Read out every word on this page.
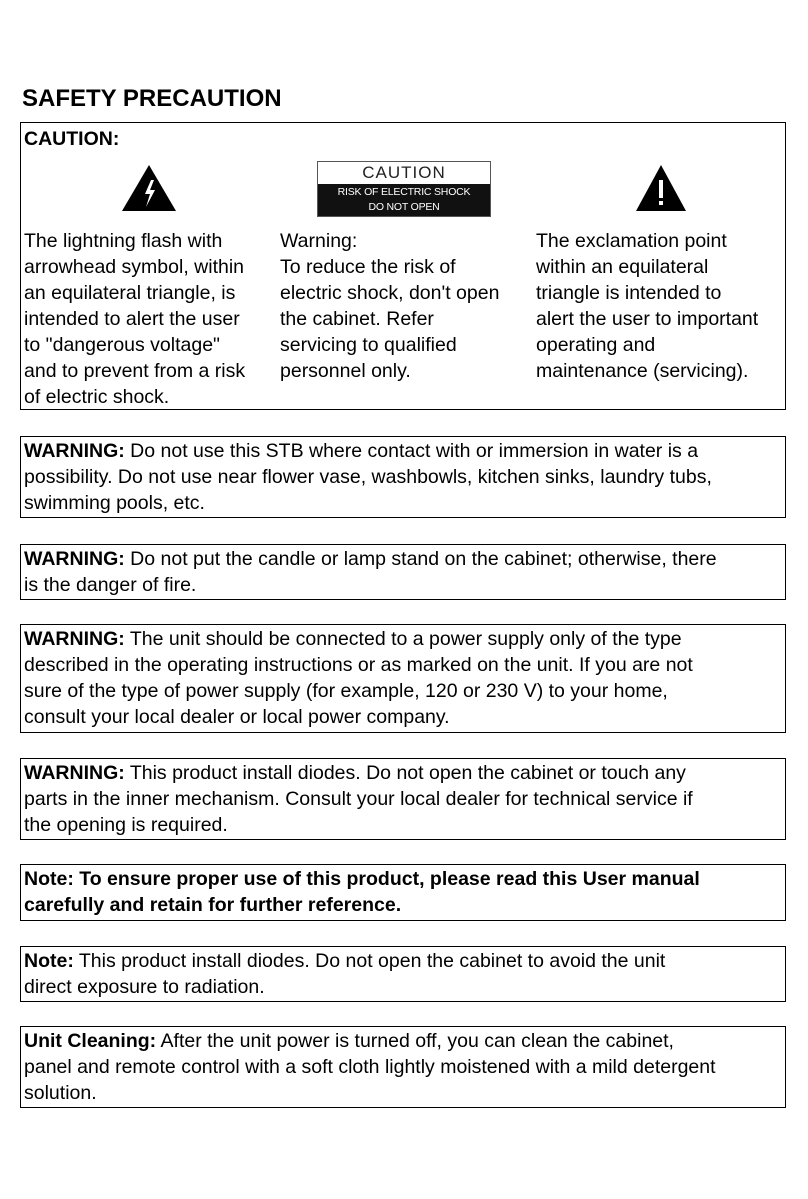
SAFETY PRECAUTION
CAUTION:
CAUTION
RISK OF ELECTRIC SHOCK
DO NOT OPEN
The lightning flash with
arrowhead symbol, within
an equilateral triangle, is
intended to alert the user
to "dangerous voltage"
and to prevent from a risk
of electric shock.
Warning:
To reduce the risk of
electric shock, don't open
the cabinet. Refer
servicing to qualified
personnel only.
The exclamation point
within an equilateral
triangle is intended to
alert the user to important
operating and
maintenance (servicing).
WARNING: Do not use this STB where contact with or immersion in water is a
possibility. Do not use near flower vase, washbowls, kitchen sinks, laundry tubs,
swimming pools, etc.
WARNING: Do not put the candle or lamp stand on the cabinet; otherwise, there
is the danger of fire.
WARNING: The unit should be connected to a power supply only of the type
described in the operating instructions or as marked on the unit. If you are not
sure of the type of power supply (for example, 120 or 230 V) to your home,
consult your local dealer or local power company.
WARNING: This product install diodes. Do not open the cabinet or touch any
parts in the inner mechanism. Consult your local dealer for technical service if
the opening is required.
Note: To ensure proper use of this product, please read this User manual
carefully and retain for further reference.
Note: This product install diodes. Do not open the cabinet to avoid the unit
direct exposure to radiation.
Unit Cleaning: After the unit power is turned off, you can clean the cabinet,
panel and remote control with a soft cloth lightly moistened with a mild detergent
solution.
